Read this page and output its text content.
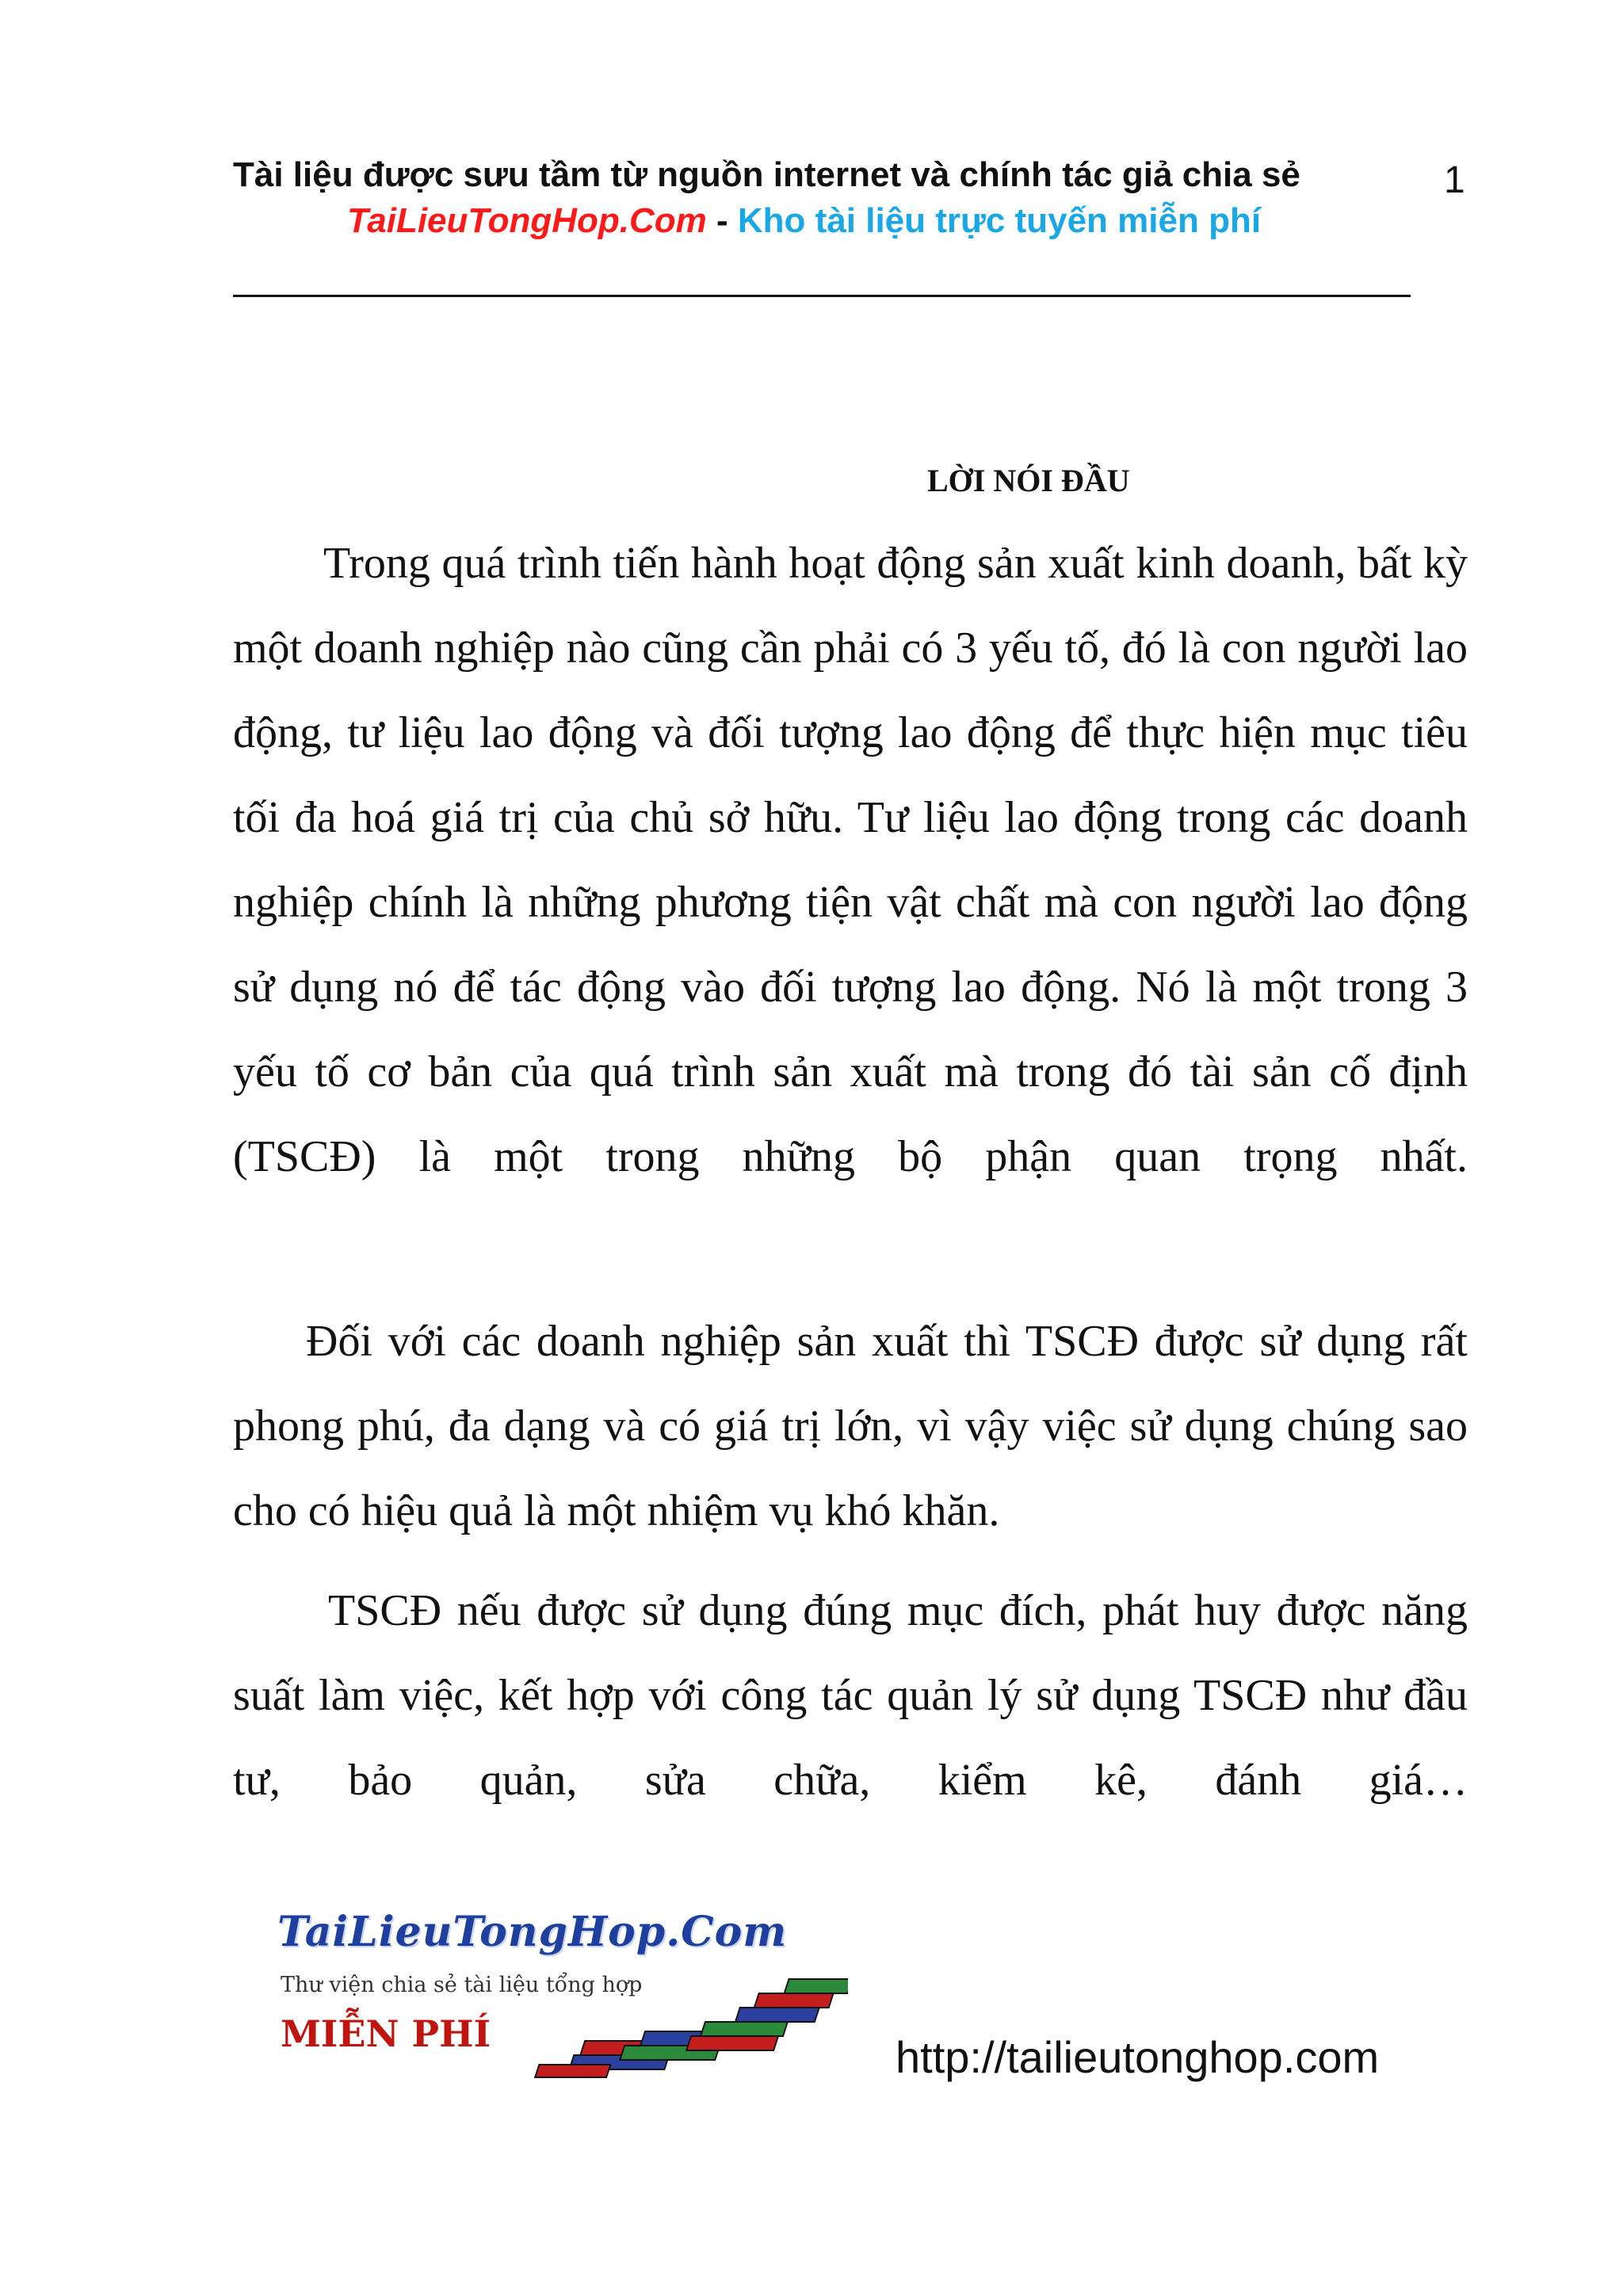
Tài liệu được sưu tầm từ nguồn internet và chính tác giả chia sẻ	1
TaiLieuTongHop.Com - Kho tài liệu trực tuyến miễn phí
LỜI NÓI ĐẦU

Trong quá trình tiến hành hoạt động sản xuất kinh doanh, bất kỳ một doanh nghiệp nào cũng cần phải có 3 yếu tố, đó là con người lao động, tư liệu lao động và đối tượng lao động để thực hiện mục tiêu tối đa hoá giá trị của chủ sở hữu. Tư liệu lao động trong các doanh nghiệp chính là những phương tiện vật chất mà con người lao động sử dụng nó để tác động vào đối tượng lao động. Nó là một trong 3 yếu tố cơ bản của quá trình sản xuất mà trong đó tài sản cố định (TSCĐ) là một trong những bộ phận quan trọng nhất.

Đối với các doanh nghiệp sản xuất thì TSCĐ được sử dụng rất phong phú, đa dạng và có giá trị lớn, vì vậy việc sử dụng chúng sao cho có hiệu quả là một nhiệm vụ khó khăn.

TSCĐ nếu được sử dụng đúng mục đích, phát huy được năng suất làm việc, kết hợp với công tác quản lý sử dụng TSCĐ như đầu tư, bảo quản, sửa chữa, kiểm kê, đánh giá…

TaiLieuTongHop.Com
Thư viện chia sẻ tài liệu tổng hợp
MIỄN PHÍ	http://tailieutonghop.com
